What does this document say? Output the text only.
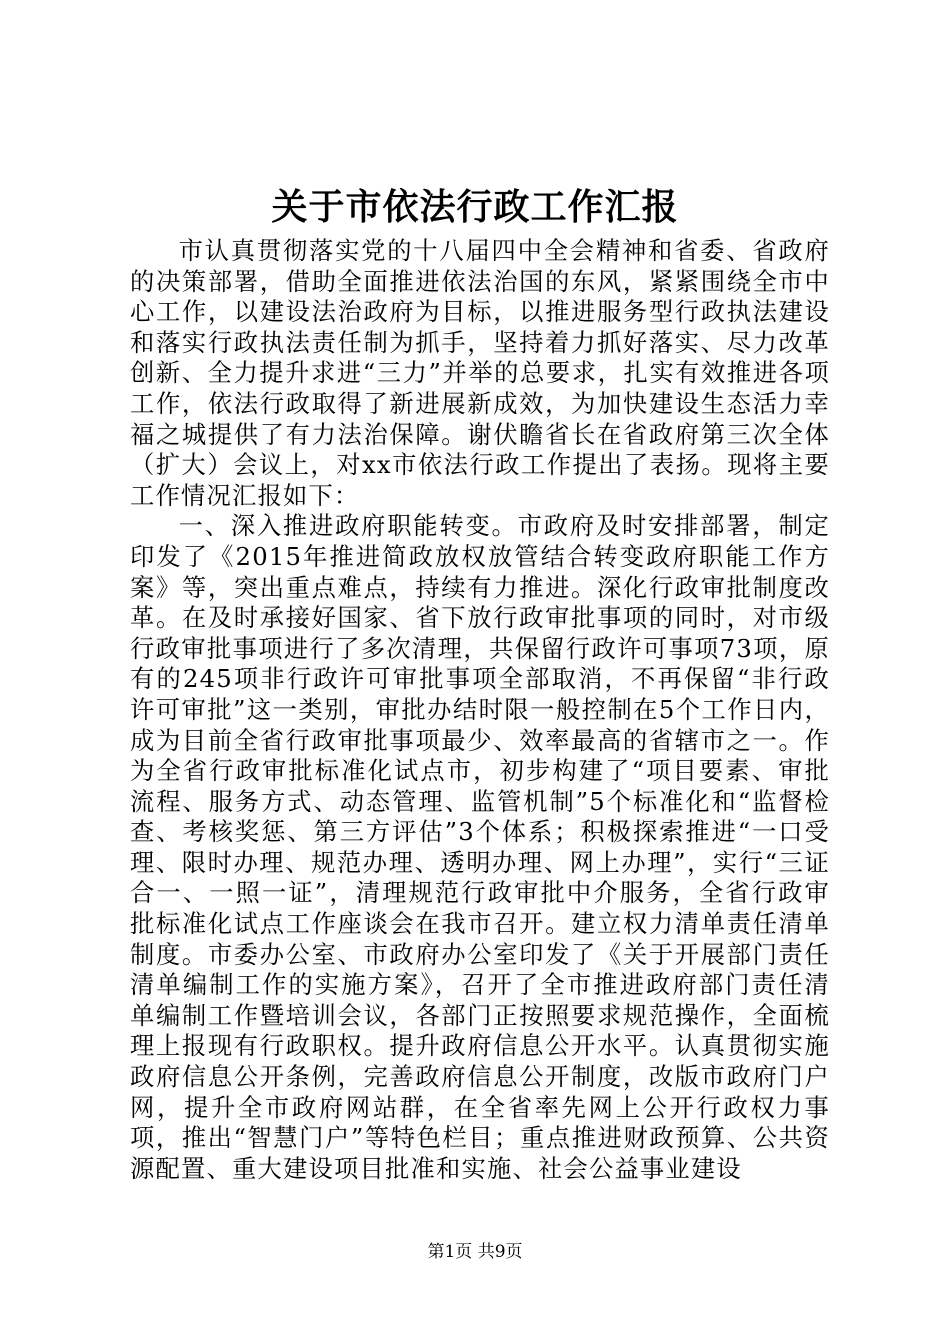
关于市依法行政工作汇报

市认真贯彻落实党的十八届四中全会精神和省委、省政府的决策部署，借助全面推进依法治国的东风，紧紧围绕全市中心工作，以建设法治政府为目标，以推进服务型行政执法建设和落实行政执法责任制为抓手，坚持着力抓好落实、尽力改革创新、全力提升求进“三力”并举的总要求，扎实有效推进各项工作，依法行政取得了新进展新成效，为加快建设生态活力幸福之城提供了有力法治保障。谢伏瞻省长在省政府第三次全体（扩大）会议上，对xx市依法行政工作提出了表扬。现将主要工作情况汇报如下：

一、深入推进政府职能转变。市政府及时安排部署，制定印发了《2015年推进简政放权放管结合转变政府职能工作方案》等，突出重点难点，持续有力推进。深化行政审批制度改革。在及时承接好国家、省下放行政审批事项的同时，对市级行政审批事项进行了多次清理，共保留行政许可事项73项，原有的245项非行政许可审批事项全部取消，不再保留“非行政许可审批”这一类别，审批办结时限一般控制在5个工作日内，成为目前全省行政审批事项最少、效率最高的省辖市之一。作为全省行政审批标准化试点市，初步构建了“项目要素、审批流程、服务方式、动态管理、监管机制”5个标准化和“监督检查、考核奖惩、第三方评估”3个体系；积极探索推进“一口受理、限时办理、规范办理、透明办理、网上办理”，实行“三证合一、一照一证”，清理规范行政审批中介服务，全省行政审批标准化试点工作座谈会在我市召开。建立权力清单责任清单制度。市委办公室、市政府办公室印发了《关于开展部门责任清单编制工作的实施方案》，召开了全市推进政府部门责任清单编制工作暨培训会议，各部门正按照要求规范操作，全面梳理上报现有行政职权。提升政府信息公开水平。认真贯彻实施政府信息公开条例，完善政府信息公开制度，改版市政府门户网，提升全市政府网站群，在全省率先网上公开行政权力事项，推出“智慧门户”等特色栏目；重点推进财政预算、公共资源配置、重大建设项目批准和实施、社会公益事业建设

第1页 共9页
